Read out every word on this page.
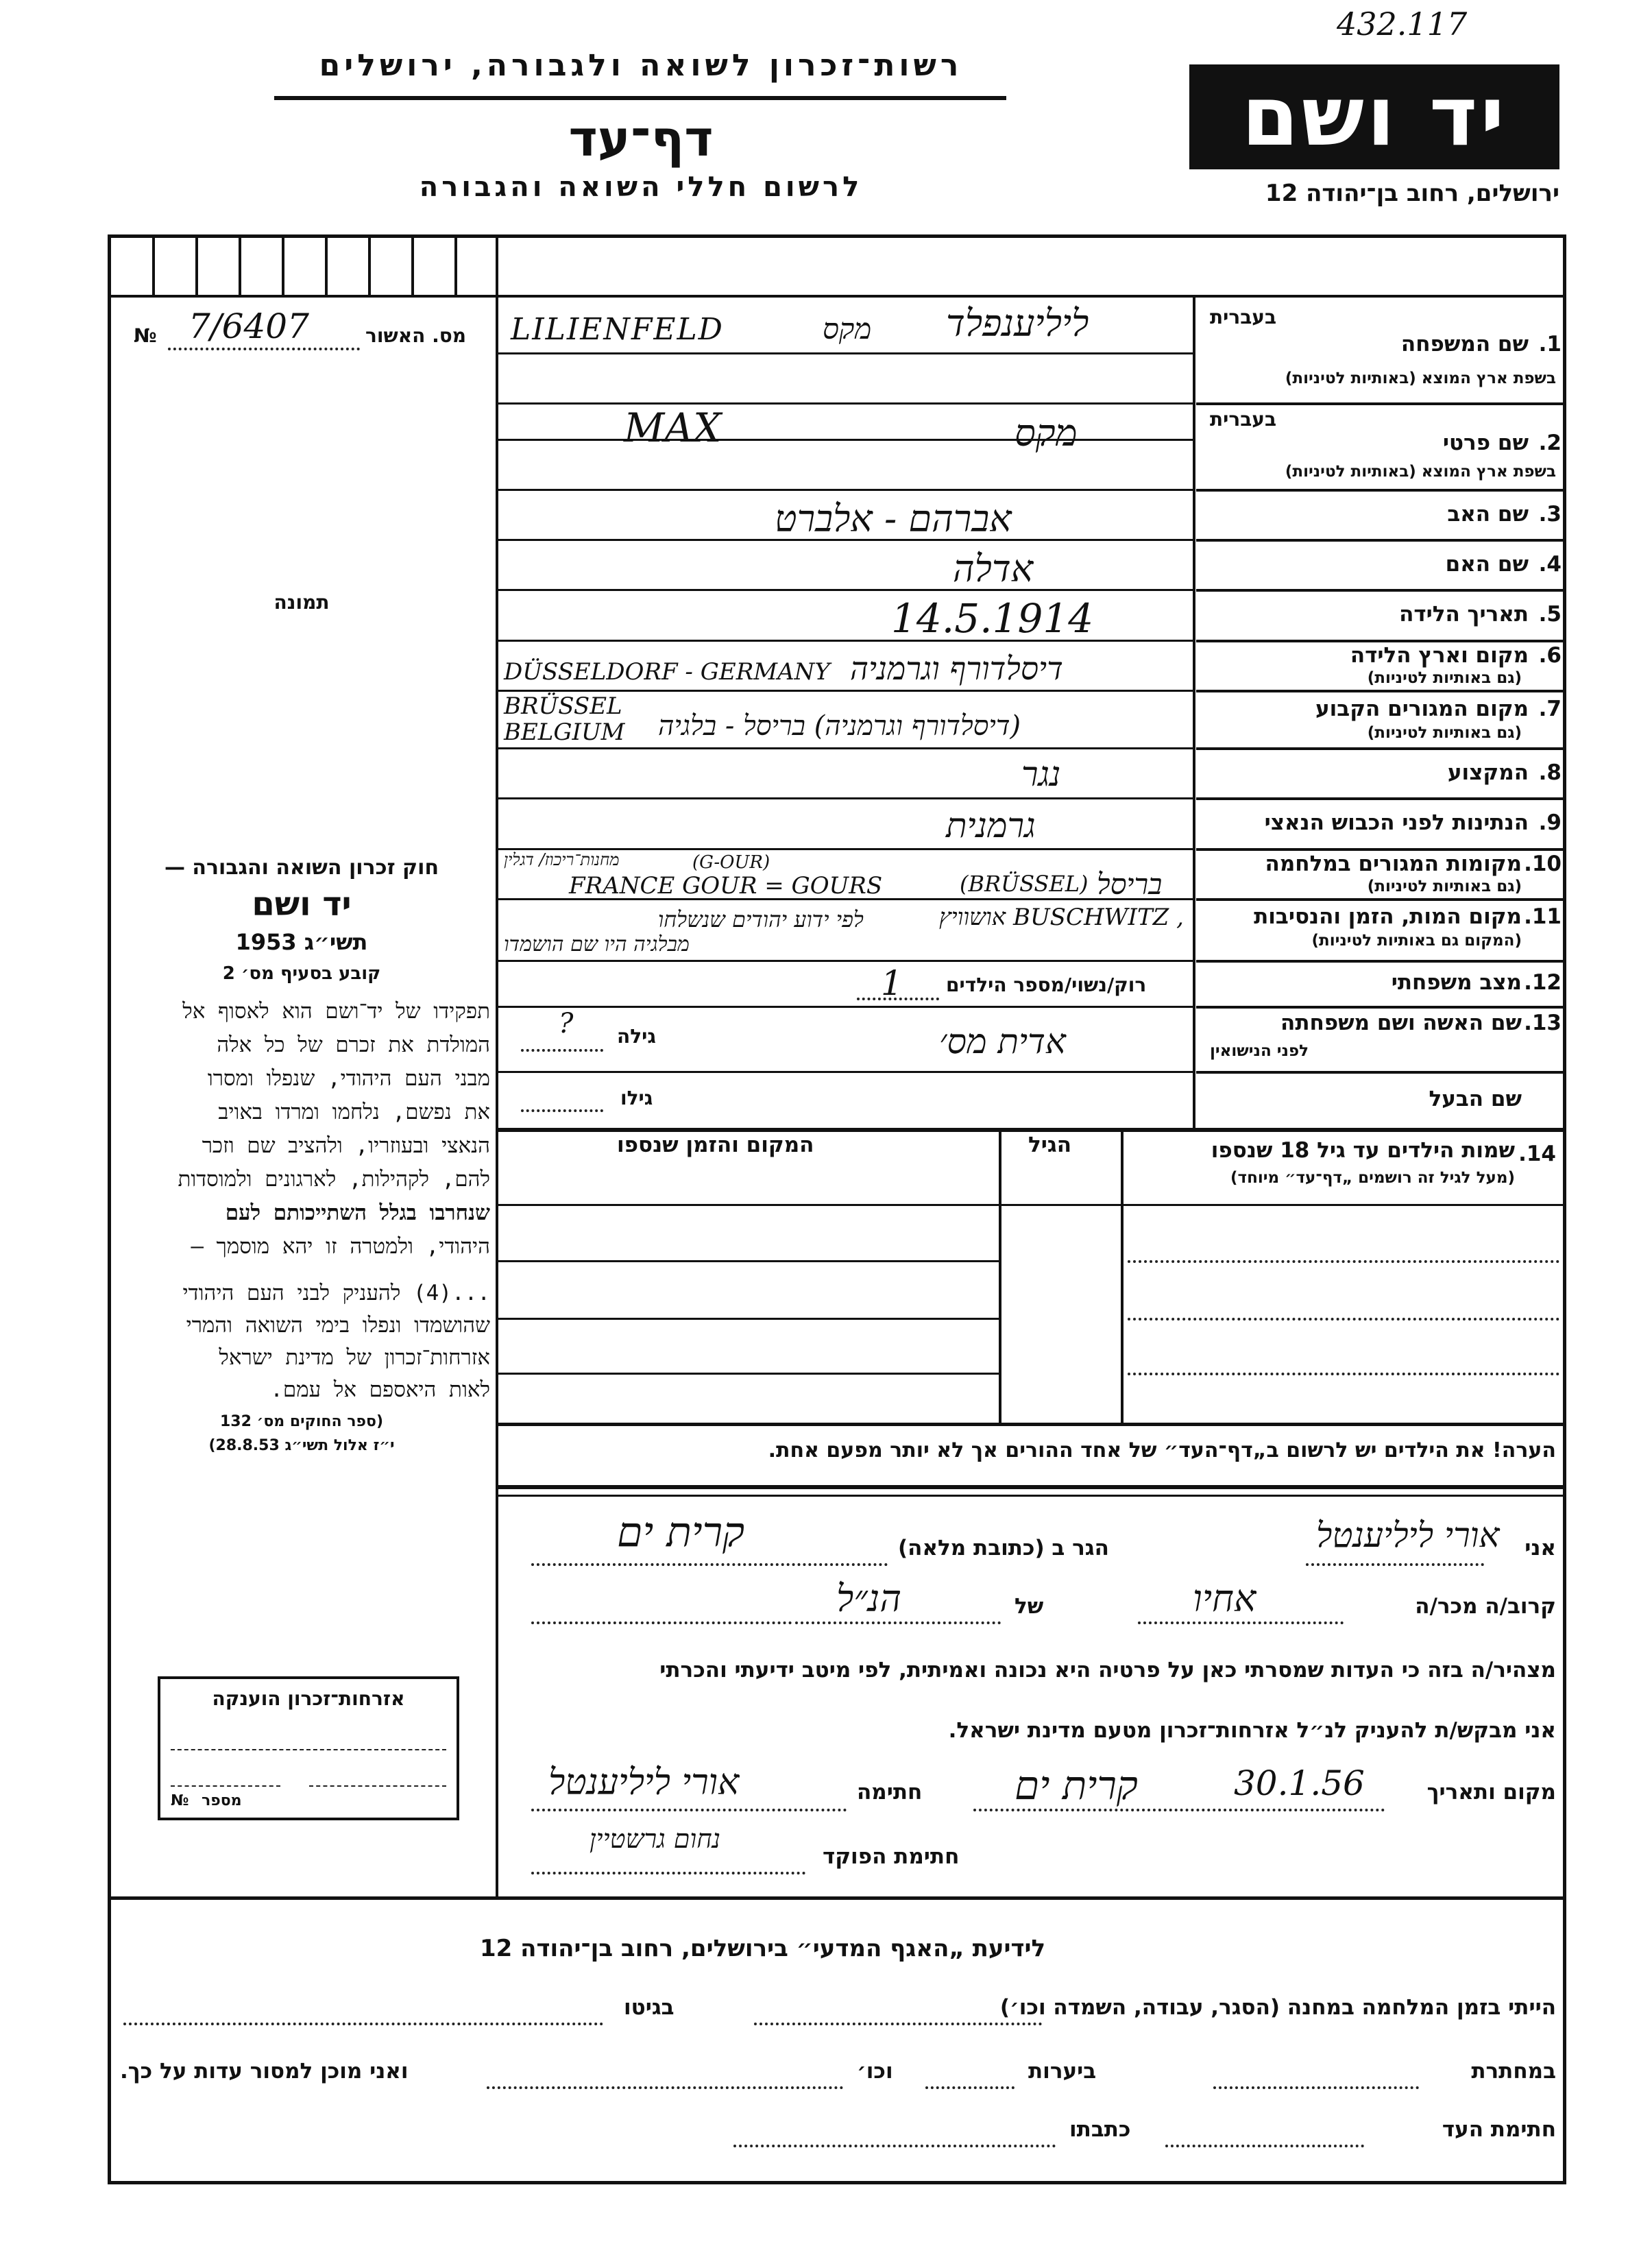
432.117
רשות־זכרון לשואה ולגבורה, ירושלים
דף־עד
לרשום חללי השואה והגבורה
יד ושם
ירושלים, רחוב בן־יהודה 12
מס. האשור
№ 7/6407
תמונה
חוק זכרון השואה והגבורה —
יד ושם
תשי״ג 1953
קובע בסעיף מס׳ 2
תפקידו של יד־ושם הוא לאסוף אל
המולדת את זכרם של כל אלה
מבני העם היהודי, שנפלו ומסרו
את נפשם, נלחמו ומרדו באויב
הנאצי ובעוזריו, ולהציב שם וזכר
להם, לקהילות, לארגונים ולמוסדות
שנחרבו בגלל השתייכותם לעם
היהודי, ולמטרה זו יהא מוסמך —
...(4) להעניק לבני העם היהודי
שהושמדו ונפלו בימי השואה והמרי
אזרחות־זכרון של מדינת ישראל
לאות היאספם אל עמם.
(ספר החוקים מס׳ 132
י״ז אלול תשי״ג 28.8.53)
אזרחות־זכרון הוענקה
№ מספר
בעברית
1.
שם המשפחה
בשפת ארץ המוצא (באותיות לטיניות)
בעברית
2.
שם פרטי
בשפת ארץ המוצא (באותיות לטיניות)
3.
שם האב
4.
שם האם
5.
תאריך הלידה
6.
מקום וארץ הלידה
(גם באותיות לטיניות)
7.
מקום המגורים הקבוע
(גם באותיות לטיניות)
8.
המקצוע
9.
הנתינות לפני הכבוש הנאצי
10.
מקומות המגורים במלחמה
(גם באותיות לטיניות)
11.
מקום המות, הזמן והנסיבות
(המקום גם באותיות לטיניות)
12.
מצב משפחתי
13.
שם האשה ושם משפחתה
לפני הנישואין
שם הבעל
ליליענפלד
מקס
LILIENFELD
מקס
MAX
אברהם - אלברט
אדלה
14.5.1914
דיסלדורף וגרמניה
DÜSSELDORF - GERMANY
BRÜSSEL
BELGIUM (דיסלדורף וגרמניה) בריסל - בלגיה
נגר
גרמנית
בריסל
(BRÜSSEL)
FRANCE GOUR = GOURS
(G-OUR)
מחנות־ריכוז/ דגלין
אושוויץ BUSCHWITZ ,
לפי ידוע יהודים שנשלחו
מבלגיה היו שם הושמדו
רוק/נשוי/מספר הילדים
1
גילה
?	אדית מס׳
גילו
14.
שמות הילדים עד גיל 18 שנספו
(מעל לגיל זה רושמים „דף־עד״ מיוחד)
הגיל
המקום והזמן שנספו
הערה! את הילדים יש לרשום ב„דף־העד״ של אחד ההורים אך לא יותר מפעם אחת.
אני
אורי ליליענטל
הגר ב (כתובת מלאה)
קרית ים
קרוב/ה מכר/ה
אחיו
של
הנ״ל
מצהיר/ה בזה כי העדות שמסרתי כאן על פרטיה היא נכונה ואמיתית, לפי מיטב ידיעתי והכרתי
אני מבקש/ת להעניק לנ״ל אזרחות־זכרון מטעם מדינת ישראל.
מקום ותאריך
30.1.56
קרית ים
חתימה
אורי ליליענטל
חתימת הפוקד
נחום גרשטיין
לידיעת „האגף המדעי״ בירושלים, רחוב בן־יהודה 12
הייתי בזמן המלחמה במחנה (הסגר, עבודה, השמדה וכו׳)
בגיטו
במחתרת
ביערות
וכו׳
ואני מוכן למסור עדות על כך.
חתימת העד
כתבתו
